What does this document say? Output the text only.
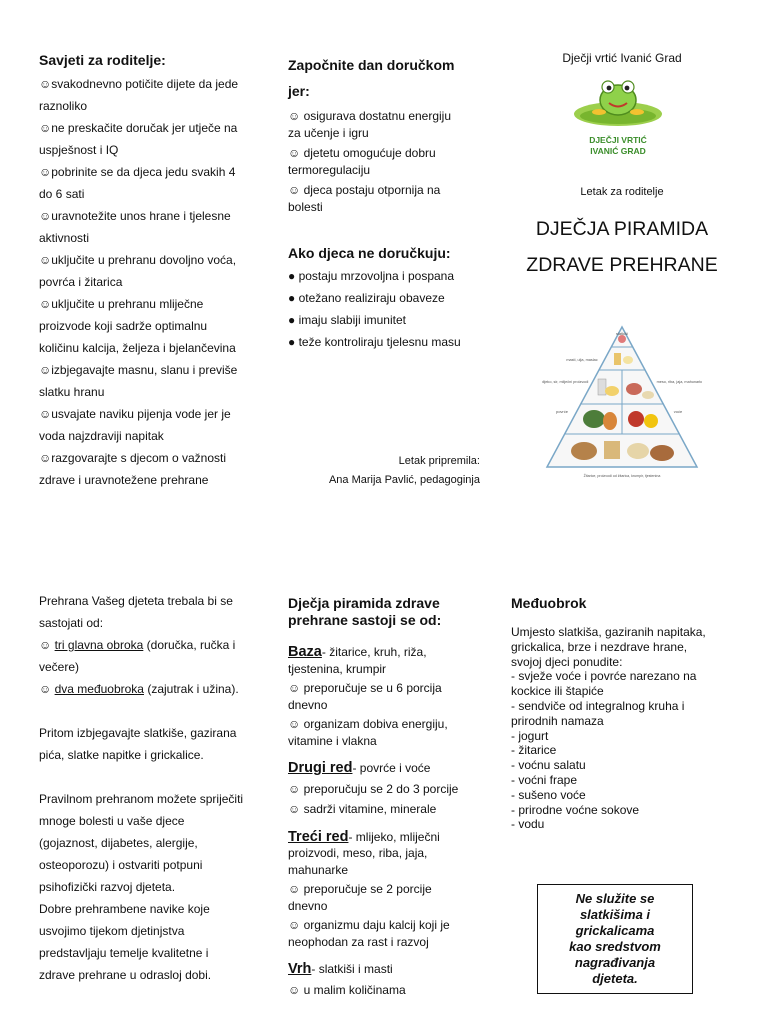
Savjeti za roditelje:
☺svakodnevno potičite dijete da jede
raznoliko
☺ne preskačite doručak jer utječe na
uspješnost i IQ
☺pobrinite se da djeca jedu svakih 4
do 6 sati
☺uravnotežite unos hrane i tjelesne
aktivnosti
☺uključite u prehranu dovoljno voća,
povrća i žitarica
☺uključite u prehranu mliječne
proizvode koji sadrže optimalnu
količinu kalcija, željeza i bjelančevina
☺izbjegavajte masnu, slanu i previše
slatku hranu
☺usvajate naviku pijenja vode jer je
voda najzdraviji napitak
☺razgovarajte s djecom o važnosti
zdrave i uravnotežene prehrane
Započnite dan doručkom
jer:
☺ osigurava dostatnu energiju
za učenje i igru
☺ djetetu omogućuje dobru
termoregulaciju
☺ djeca postaju otpornija na
bolesti
Ako djeca ne doručkuju:
● postaju mrzovoljna i pospana
● otežano realiziraju obaveze
● imaju slabiji imunitet
● teže kontroliraju tjelesnu masu
Letak pripremila:
Ana Marija Pavlić, pedagoginja
Dječji vrtić Ivanić Grad
DJEČJI VRTIĆ
IVANIĆ GRAD
Letak za roditelje
DJEČJA PIRAMIDA
ZDRAVE PREHRANE
slatkiši
masti, ulja, maslac
mlijeko, sir, mliječni proizvodi	meso, riba, jaja, mahunarke
povrće	voće
Žitarice, proizvodi od žitarica, krumpir, tjestenina
Prehrana Vašeg djeteta trebala bi se
sastojati od:
☺ tri glavna obroka (doručka, ručka i
večere)
☺ dva međuobroka (zajutrak i užina).
Pritom izbjegavajte slatkiše, gazirana
pića, slatke napitke i grickalice.
Pravilnom prehranom možete spriječiti
mnoge bolesti u vaše djece
(gojaznost, dijabetes, alergije,
osteoporozu) i ostvariti potpuni
psihofizički razvoj djeteta.
Dobre prehrambene navike koje
usvojimo tijekom djetinjstva
predstavljaju temelje kvalitetne i
zdrave prehrane u odrasloj dobi.
Dječja piramida zdrave
prehrane sastoji se od:
Baza- žitarice, kruh, riža,
tjestenina, krumpir
☺ preporučuje se u 6 porcija
dnevno
☺ organizam dobiva energiju,
vitamine i vlakna
Drugi red- povrće i voće
☺ preporučuju se 2 do 3 porcije
☺ sadrži vitamine, minerale
Treći red- mlijeko, mliječni
proizvodi, meso, riba, jaja,
mahunarke
☺ preporučuje se 2 porcije
dnevno
☺ organizmu daju kalcij koji je
neophodan za rast i razvoj
Vrh- slatkiši i masti
☺ u malim količinama
Međuobrok
Umjesto slatkiša, gaziranih napitaka,
grickalica, brze i nezdrave hrane,
svojoj djeci ponudite:
- svježe voće i povrće narezano na
kockice ili štapiće
- sendviče od integralnog kruha i
prirodnih namaza
- jogurt
- žitarice
- voćnu salatu
- voćni frape
- sušeno voće
- prirodne voćne sokove
- vodu
Ne služite se
slatkišima i
grickalicama
kao sredstvom
nagrađivanja
djeteta.
